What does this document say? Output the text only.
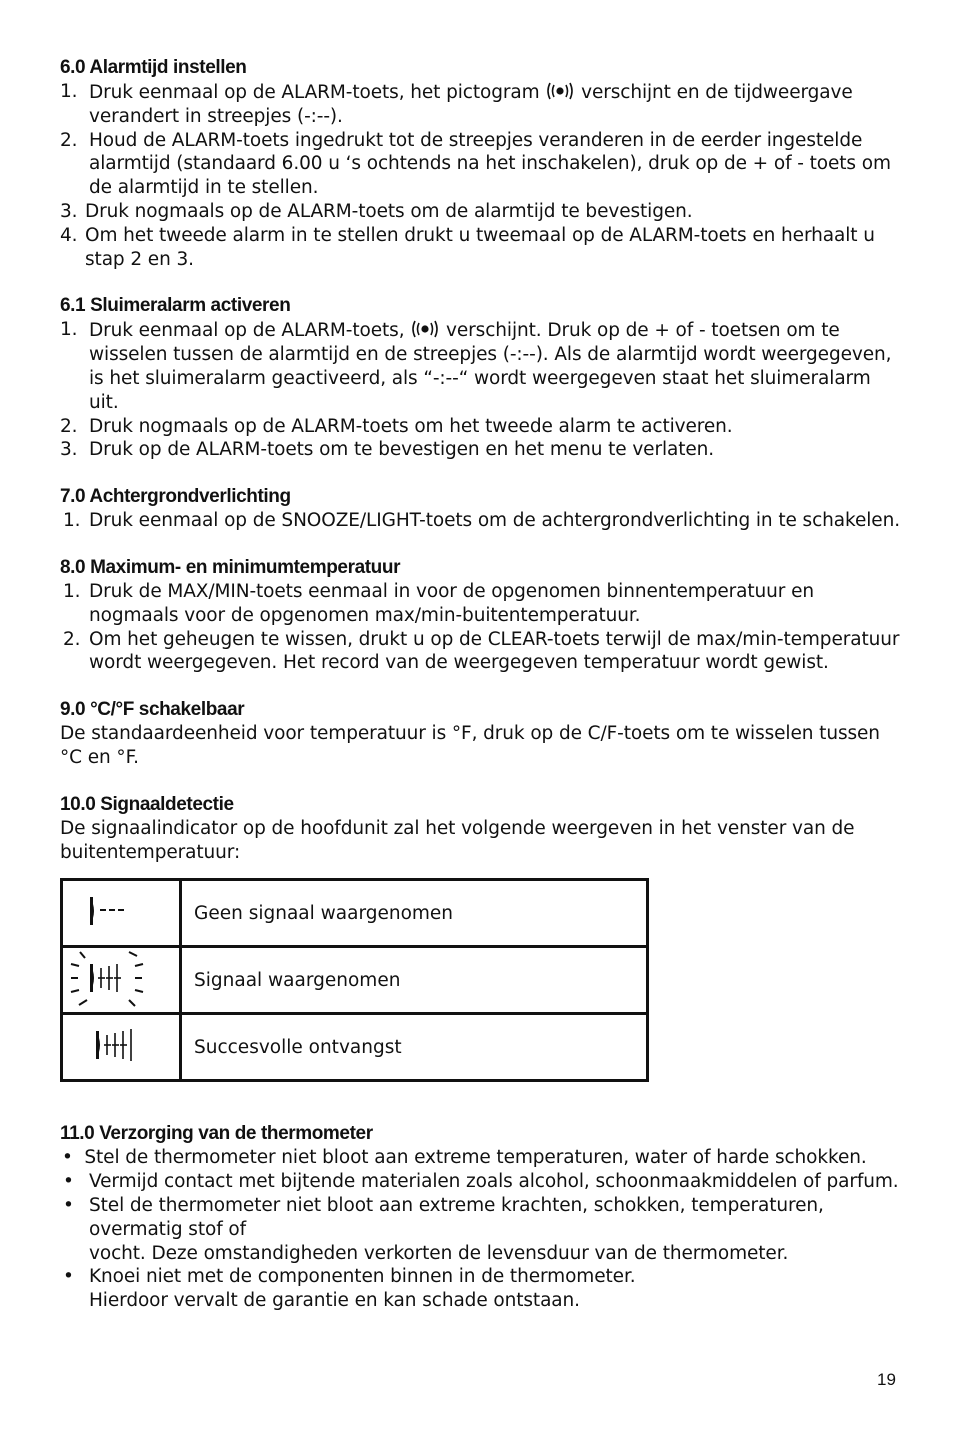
6.0 Alarmtijd instellen
1. Druk eenmaal op de ALARM-toets, het pictogram  verschijnt en de tijdweergave verandert in streepjes (-:--).
2. Houd de ALARM-toets ingedrukt tot de streepjes veranderen in de eerder ingestelde alarmtijd (standaard 6.00 u ‘s ochtends na het inschakelen), druk op de + of - toets om de alarmtijd in te stellen.
3. Druk nogmaals op de ALARM-toets om de alarmtijd te bevestigen.
4. Om het tweede alarm in te stellen drukt u tweemaal op de ALARM-toets en herhaalt u stap 2 en 3.
6.1 Sluimeralarm activeren
1. Druk eenmaal op de ALARM-toets,  verschijnt. Druk op de + of - toetsen om te wisselen tussen de alarmtijd en de streepjes (-:--). Als de alarmtijd wordt weergegeven, is het sluimeralarm geactiveerd, als “-:--“ wordt weergegeven staat het sluimeralarm uit.
2. Druk nogmaals op de ALARM-toets om het tweede alarm te activeren.
3. Druk op de ALARM-toets om te bevestigen en het menu te verlaten.
7.0 Achtergrondverlichting
1. Druk eenmaal op de SNOOZE/LIGHT-toets om de achtergrondverlichting in te schakelen.
8.0 Maximum- en minimumtemperatuur
1. Druk de MAX/MIN-toets eenmaal in voor de opgenomen binnentemperatuur en nogmaals voor de opgenomen max/min-buitentemperatuur.
2. Om het geheugen te wissen, drukt u op de CLEAR-toets terwijl de max/min-temperatuur wordt weergegeven. Het record van de weergegeven temperatuur wordt gewist.
9.0 °C/°F schakelbaar

De standaardeenheid voor temperatuur is °F, druk op de C/F-toets om te wisselen tussen °C en °F.

10.0 Signaaldetectie

De signaalindicator op de hoofdunit zal het volgende weergeven in het venster van de buitentemperatuur:

	Geen signaal waargenomen
	Signaal waargenomen
	Succesvolle ontvangst
11.0 Verzorging van de thermometer
• Stel de thermometer niet bloot aan extreme temperaturen, water of harde schokken.
• Vermijd contact met bijtende materialen zoals alcohol, schoonmaakmiddelen of parfum.
• Stel de thermometer niet bloot aan extreme krachten, schokken, temperaturen, overmatig stof of
vocht. Deze omstandigheden verkorten de levensduur van de thermometer.
• Knoei niet met de componenten binnen in de thermometer.
Hierdoor vervalt de garantie en kan schade ontstaan.
19
